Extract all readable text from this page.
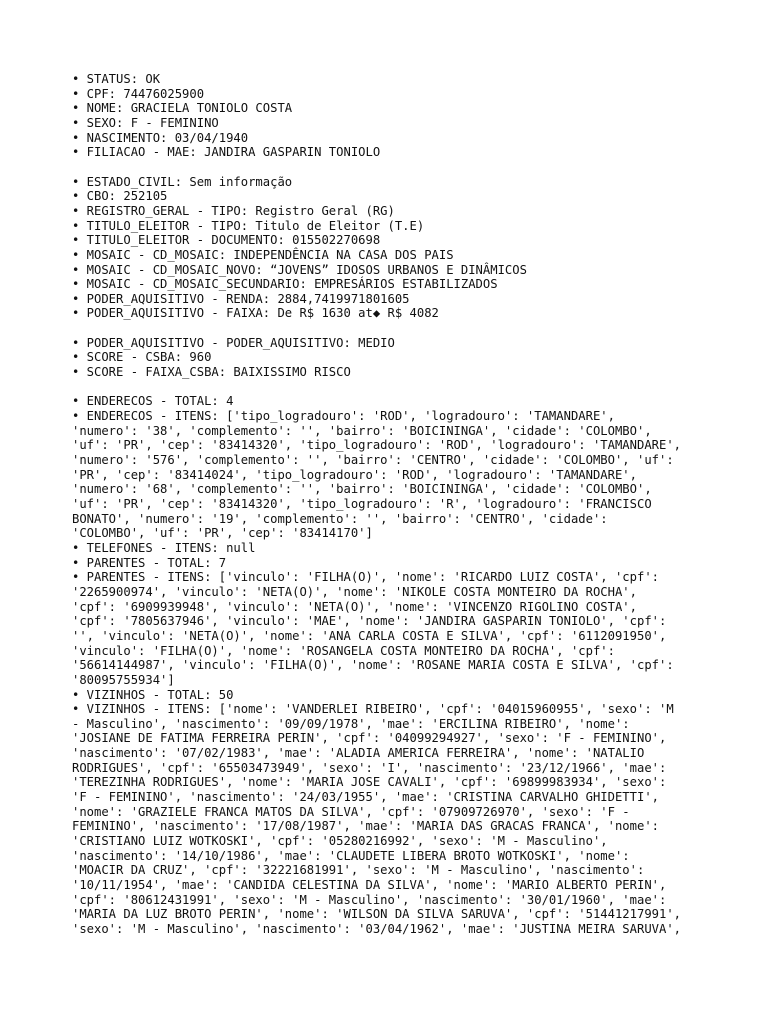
• STATUS: OK
• CPF: 74476025900
• NOME: GRACIELA TONIOLO COSTA
• SEXO: F - FEMININO
• NASCIMENTO: 03/04/1940
• FILIACAO - MAE: JANDIRA GASPARIN TONIOLO
• ESTADO_CIVIL: Sem informação
• CBO: 252105
• REGISTRO_GERAL - TIPO: Registro Geral (RG)
• TITULO_ELEITOR - TIPO: Titulo de Eleitor (T.E)
• TITULO_ELEITOR - DOCUMENTO: 015502270698
• MOSAIC - CD_MOSAIC: INDEPENDÊNCIA NA CASA DOS PAIS
• MOSAIC - CD_MOSAIC_NOVO: “JOVENS” IDOSOS URBANOS E DINÂMICOS
• MOSAIC - CD_MOSAIC_SECUNDARIO: EMPRESÁRIOS ESTABILIZADOS
• PODER_AQUISITIVO - RENDA: 2884,7419971801605
• PODER_AQUISITIVO - FAIXA: De R$ 1630 at◆ R$ 4082
• PODER_AQUISITIVO - PODER_AQUISITIVO: MEDIO
• SCORE - CSBA: 960
• SCORE - FAIXA_CSBA: BAIXISSIMO RISCO
• ENDERECOS - TOTAL: 4
• ENDERECOS - ITENS: ['tipo_logradouro': 'ROD', 'logradouro': 'TAMANDARE',
'numero': '38', 'complemento': '', 'bairro': 'BOICININGA', 'cidade': 'COLOMBO',
'uf': 'PR', 'cep': '83414320', 'tipo_logradouro': 'ROD', 'logradouro': 'TAMANDARE',
'numero': '576', 'complemento': '', 'bairro': 'CENTRO', 'cidade': 'COLOMBO', 'uf':
'PR', 'cep': '83414024', 'tipo_logradouro': 'ROD', 'logradouro': 'TAMANDARE',
'numero': '68', 'complemento': '', 'bairro': 'BOICININGA', 'cidade': 'COLOMBO',
'uf': 'PR', 'cep': '83414320', 'tipo_logradouro': 'R', 'logradouro': 'FRANCISCO
BONATO', 'numero': '19', 'complemento': '', 'bairro': 'CENTRO', 'cidade':
'COLOMBO', 'uf': 'PR', 'cep': '83414170']
• TELEFONES - ITENS: null
• PARENTES - TOTAL: 7
• PARENTES - ITENS: ['vinculo': 'FILHA(O)', 'nome': 'RICARDO LUIZ COSTA', 'cpf':
'2265900974', 'vinculo': 'NETA(O)', 'nome': 'NIKOLE COSTA MONTEIRO DA ROCHA',
'cpf': '6909939948', 'vinculo': 'NETA(O)', 'nome': 'VINCENZO RIGOLINO COSTA',
'cpf': '7805637946', 'vinculo': 'MAE', 'nome': 'JANDIRA GASPARIN TONIOLO', 'cpf':
'', 'vinculo': 'NETA(O)', 'nome': 'ANA CARLA COSTA E SILVA', 'cpf': '6112091950',
'vinculo': 'FILHA(O)', 'nome': 'ROSANGELA COSTA MONTEIRO DA ROCHA', 'cpf':
'56614144987', 'vinculo': 'FILHA(O)', 'nome': 'ROSANE MARIA COSTA E SILVA', 'cpf':
'80095755934']
• VIZINHOS - TOTAL: 50
• VIZINHOS - ITENS: ['nome': 'VANDERLEI RIBEIRO', 'cpf': '04015960955', 'sexo': 'M
- Masculino', 'nascimento': '09/09/1978', 'mae': 'ERCILINA RIBEIRO', 'nome':
'JOSIANE DE FATIMA FERREIRA PERIN', 'cpf': '04099294927', 'sexo': 'F - FEMININO',
'nascimento': '07/02/1983', 'mae': 'ALADIA AMERICA FERREIRA', 'nome': 'NATALIO
RODRIGUES', 'cpf': '65503473949', 'sexo': 'I', 'nascimento': '23/12/1966', 'mae':
'TEREZINHA RODRIGUES', 'nome': 'MARIA JOSE CAVALI', 'cpf': '69899983934', 'sexo':
'F - FEMININO', 'nascimento': '24/03/1955', 'mae': 'CRISTINA CARVALHO GHIDETTI',
'nome': 'GRAZIELE FRANCA MATOS DA SILVA', 'cpf': '07909726970', 'sexo': 'F -
FEMININO', 'nascimento': '17/08/1987', 'mae': 'MARIA DAS GRACAS FRANCA', 'nome':
'CRISTIANO LUIZ WOTKOSKI', 'cpf': '05280216992', 'sexo': 'M - Masculino',
'nascimento': '14/10/1986', 'mae': 'CLAUDETE LIBERA BROTO WOTKOSKI', 'nome':
'MOACIR DA CRUZ', 'cpf': '32221681991', 'sexo': 'M - Masculino', 'nascimento':
'10/11/1954', 'mae': 'CANDIDA CELESTINA DA SILVA', 'nome': 'MARIO ALBERTO PERIN',
'cpf': '80612431991', 'sexo': 'M - Masculino', 'nascimento': '30/01/1960', 'mae':
'MARIA DA LUZ BROTO PERIN', 'nome': 'WILSON DA SILVA SARUVA', 'cpf': '51441217991',
'sexo': 'M - Masculino', 'nascimento': '03/04/1962', 'mae': 'JUSTINA MEIRA SARUVA',
